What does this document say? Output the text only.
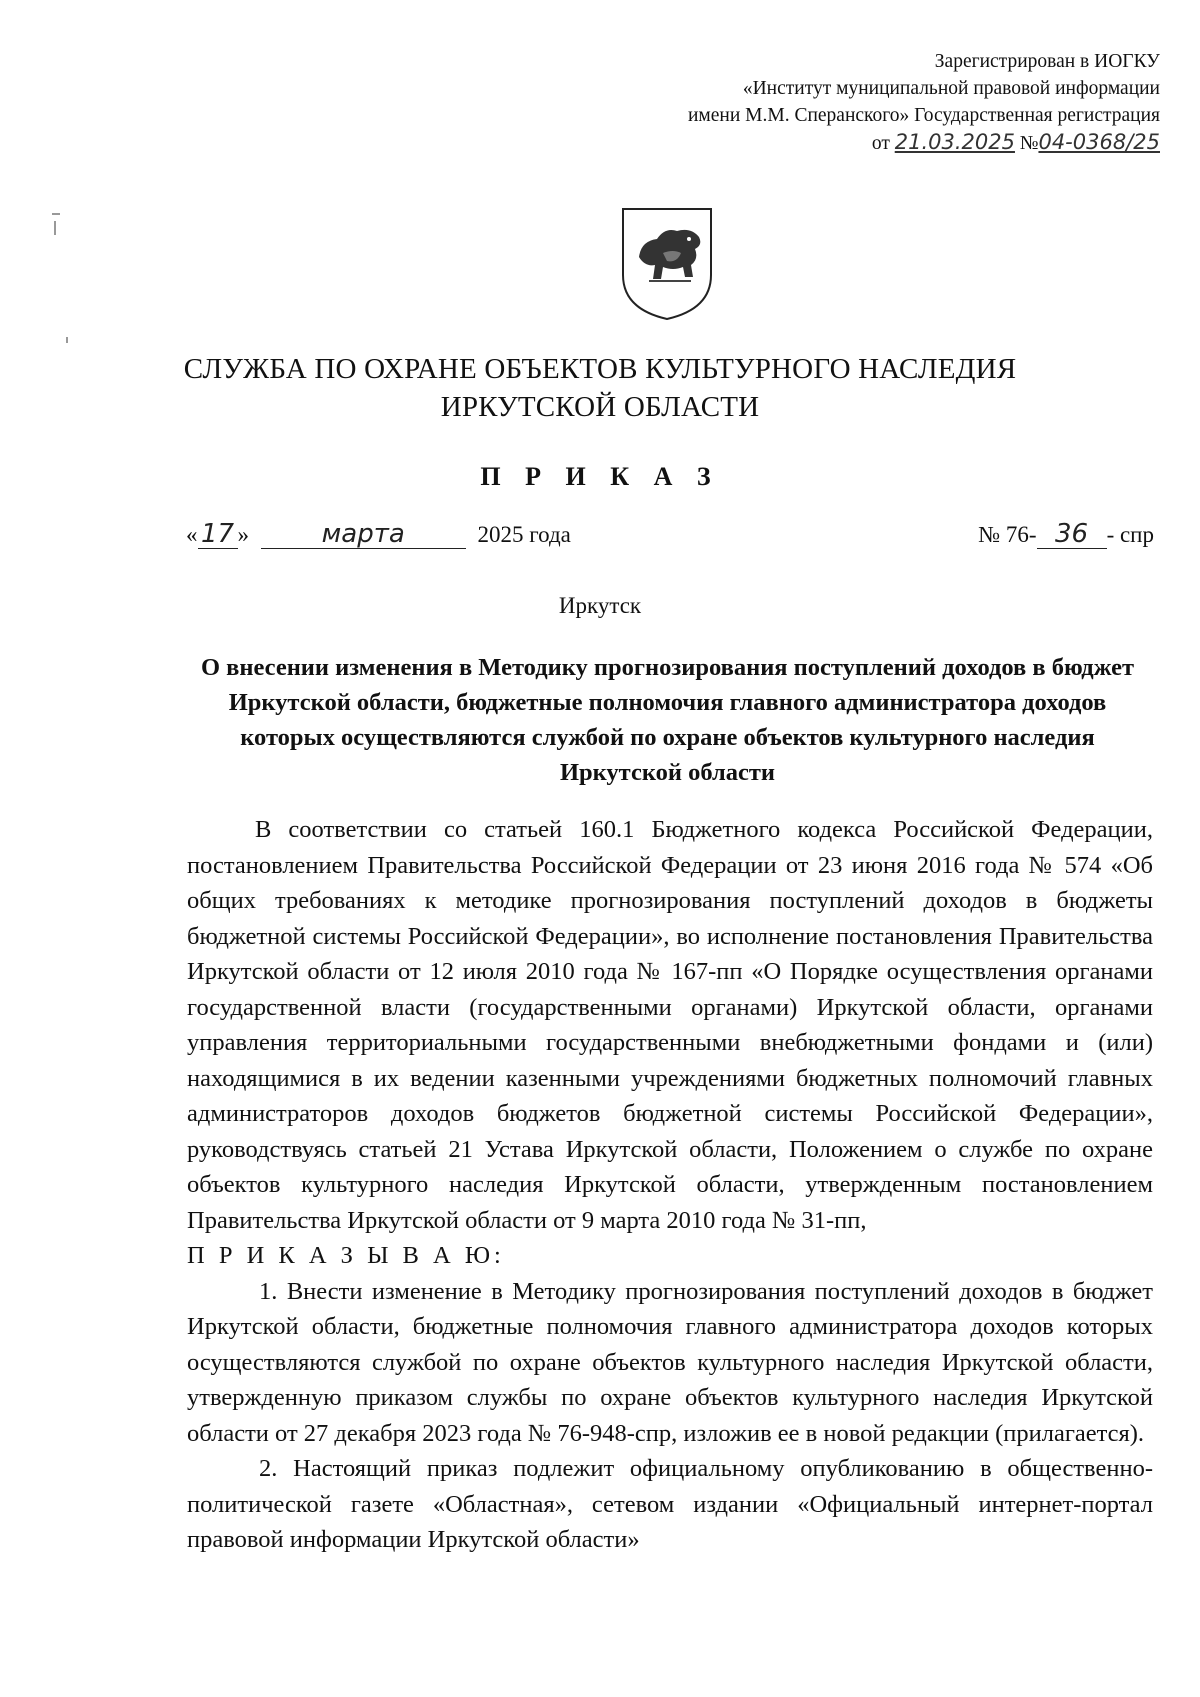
Зарегистрирован в ИОГКУ
«Институт муниципальной правовой информации
имени М.М. Сперанского» Государственная регистрация
от 21.03.2025 №04-0368/25
СЛУЖБА ПО ОХРАНЕ ОБЪЕКТОВ КУЛЬТУРНОГО НАСЛЕДИЯ
ИРКУТСКОЙ ОБЛАСТИ
П Р И К А З
« 17 »	марта	2025 года	№ 76- 36 - спр
Иркутск
О внесении изменения в Методику прогнозирования поступлений доходов в бюджет Иркутской области, бюджетные полномочия главного администратора доходов которых осуществляются службой по охране объектов культурного наследия Иркутской области

В соответствии со статьей 160.1 Бюджетного кодекса Российской Федерации, постановлением Правительства Российской Федерации от 23 июня 2016 года № 574 «Об общих требованиях к методике прогнозирования поступлений доходов в бюджеты бюджетной системы Российской Федерации», во исполнение постановления Правительства Иркутской области от 12 июля 2010 года № 167-пп «О Порядке осуществления органами государственной власти (государственными органами) Иркутской области, органами управления территориальными государственными внебюджетными фондами и (или) находящимися в их ведении казенными учреждениями бюджетных полномочий главных администраторов доходов бюджетов бюджетной системы Российской Федерации», руководствуясь статьей 21 Устава Иркутской области, Положением о службе по охране объектов культурного наследия Иркутской области, утвержденным постановлением Правительства Иркутской области от 9 марта 2010 года № 31-пп,

П Р И К А З Ы В А Ю:

1. Внести изменение в Методику прогнозирования поступлений доходов в бюджет Иркутской области, бюджетные полномочия главного администратора доходов которых осуществляются службой по охране объектов культурного наследия Иркутской области, утвержденную приказом службы по охране объектов культурного наследия Иркутской области от 27 декабря 2023 года № 76-948-спр, изложив ее в новой редакции (прилагается).

2. Настоящий приказ подлежит официальному опубликованию в общественно-политической газете «Областная», сетевом издании «Официальный интернет-портал правовой информации Иркутской области»
